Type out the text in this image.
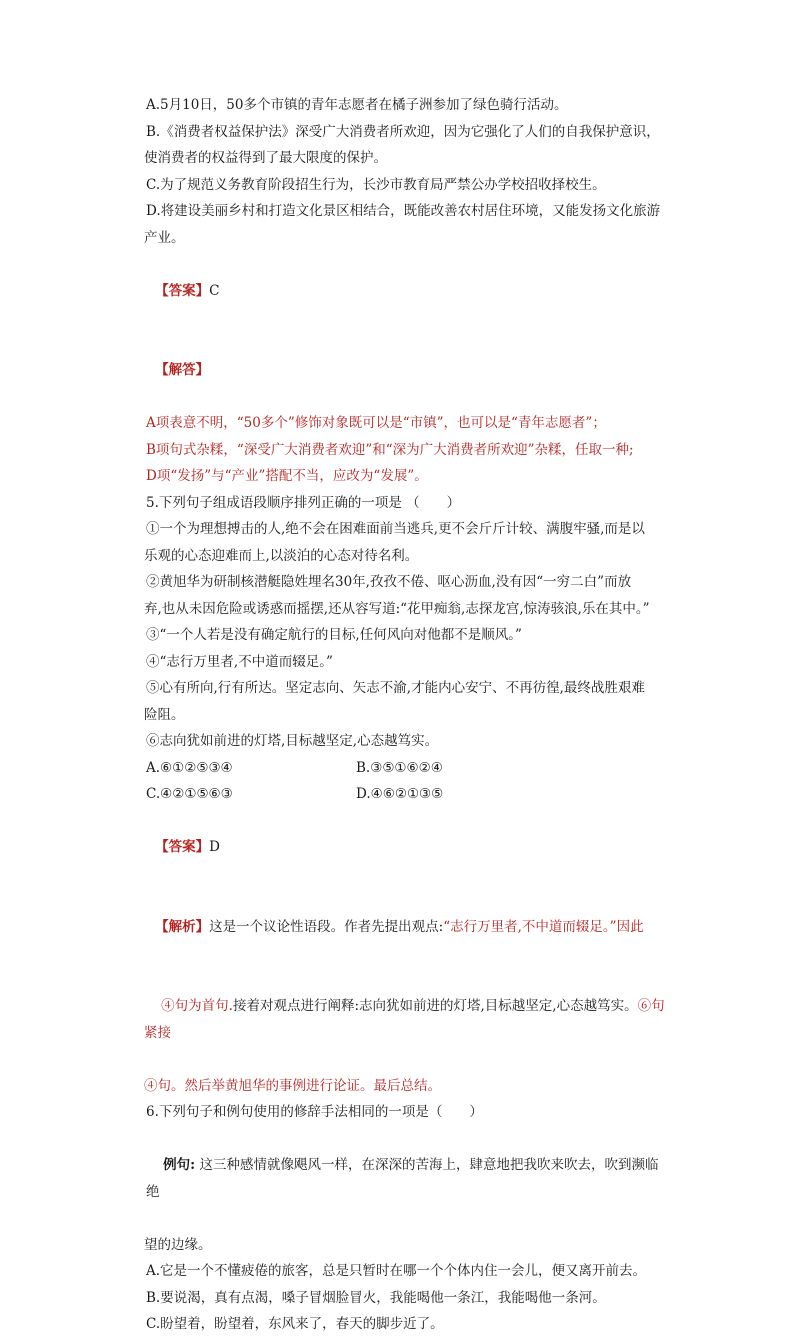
A.5月10日，50多个市镇的青年志愿者在橘子洲参加了绿色骑行活动。

B.《消费者权益保护法》深受广大消费者所欢迎，因为它强化了人们的自我保护意识，

使消费者的权益得到了最大限度的保护。

C.为了规范义务教育阶段招生行为，长沙市教育局严禁公办学校招收择校生。

D.将建设美丽乡村和打造文化景区相结合，既能改善农村居住环境，又能发扬文化旅游

产业。

【答案】C

【解答】

A项表意不明，“50多个”修饰对象既可以是“市镇”，也可以是“青年志愿者”；

B项句式杂糅，“深受广大消费者欢迎”和“深为广大消费者所欢迎”杂糅，任取一种;

D项“发扬”与“产业”搭配不当，应改为“发展”。

5.下列句子组成语段顺序排列正确的一项是 （　　）

①一个为理想搏击的人,绝不会在困难面前当逃兵,更不会斤斤计较、满腹牢骚,而是以

乐观的心态迎难而上,以淡泊的心态对待名利。

②黄旭华为研制核潜艇隐姓埋名30年,孜孜不倦、呕心沥血,没有因“一穷二白”而放

弃,也从未因危险或诱惑而摇摆,还从容写道:“花甲痴翁,志探龙宫,惊涛骇浪,乐在其中。”

③“一个人若是没有确定航行的目标,任何风向对他都不是顺风。”

④“志行万里者,不中道而辍足。”

⑤心有所向,行有所达。坚定志向、矢志不渝,才能内心安宁、不再彷徨,最终战胜艰难

险阻。

⑥志向犹如前进的灯塔,目标越坚定,心态越笃实。

A.⑥①②⑤③④	B.③⑤①⑥②④
C.④②①⑤⑥③	D.④⑥②①③⑤

【答案】D

【解析】这是一个议论性语段。作者先提出观点:“志行万里者,不中道而辍足。”因此

④句为首句.接着对观点进行阐释:志向犹如前进的灯塔,目标越坚定,心态越笃实。⑥句紧接

④句。然后举黄旭华的事例进行论证。最后总结。

6.下列句子和例句使用的修辞手法相同的一项是（　　）

例句: 这三种感情就像飓风一样，在深深的苦海上，肆意地把我吹来吹去，吹到濒临绝

望的边缘。

A.它是一个不懂疲倦的旅客，总是只暂时在哪一个个体内住一会儿，便又离开前去。

B.要说渴，真有点渴，嗓子冒烟脸冒火，我能喝他一条江，我能喝他一条河。

C.盼望着，盼望着，东风来了，春天的脚步近了。
